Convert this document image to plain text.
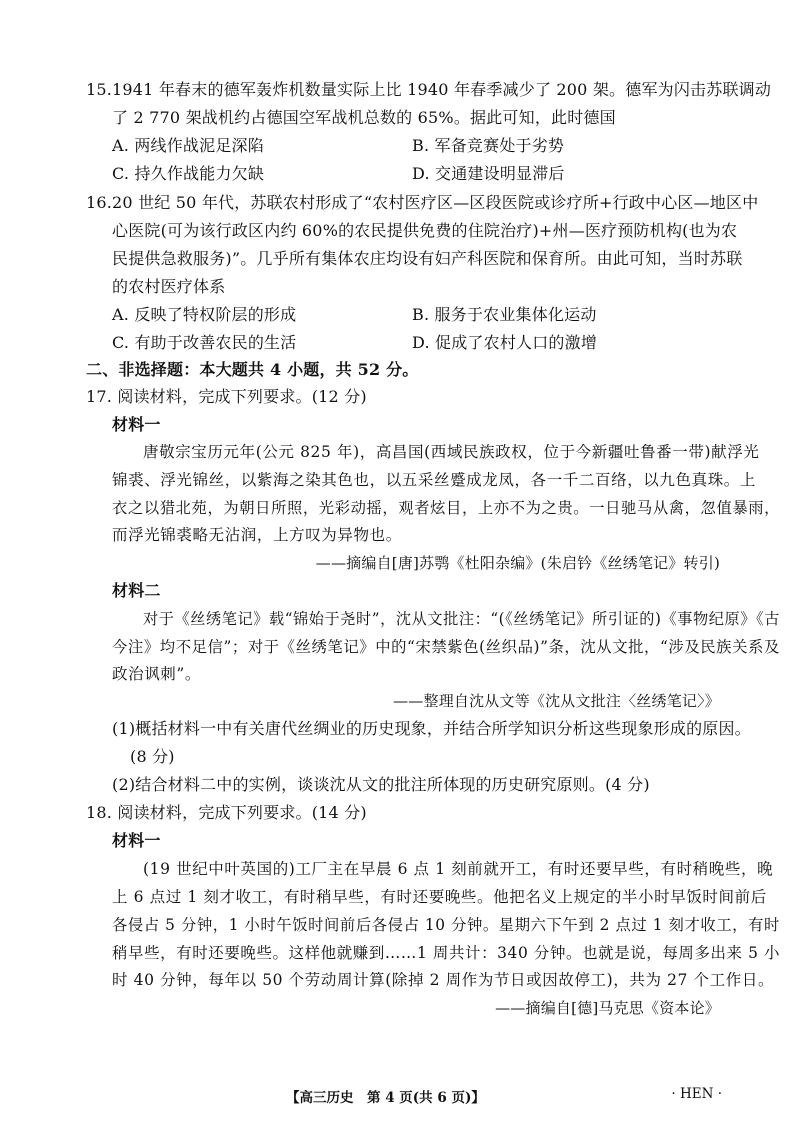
15.1941 年春末的德军轰炸机数量实际上比 1940 年春季减少了 200 架。德军为闪击苏联调动
了 2 770 架战机约占德国空军战机总数的 65%。据此可知，此时德国
A. 两线作战泥足深陷	B. 军备竞赛处于劣势
C. 持久作战能力欠缺	D. 交通建设明显滞后
16.20 世纪 50 年代，苏联农村形成了“农村医疗区—区段医院或诊疗所+行政中心区—地区中
心医院(可为该行政区内约 60%的农民提供免费的住院治疗)+州—医疗预防机构(也为农
民提供急救服务)”。几乎所有集体农庄均设有妇产科医院和保育所。由此可知，当时苏联
的农村医疗体系
A. 反映了特权阶层的形成	B. 服务于农业集体化运动
C. 有助于改善农民的生活	D. 促成了农村人口的激增
二、非选择题：本大题共 4 小题，共 52 分。
17. 阅读材料，完成下列要求。(12 分)
材料一
唐敬宗宝历元年(公元 825 年)，高昌国(西域民族政权，位于今新疆吐鲁番一带)献浮光
锦裘、浮光锦丝，以紫海之染其色也，以五采丝蹙成龙凤，各一千二百络，以九色真珠。上
衣之以猎北苑，为朝日所照，光彩动摇，观者炫目，上亦不为之贵。一日驰马从禽，忽值暴雨，
而浮光锦裘略无沾润，上方叹为异物也。
——摘编自[唐]苏鹗《杜阳杂编》(朱启钤《丝绣笔记》转引)
材料二
对于《丝绣笔记》载“锦始于尧时”，沈从文批注：“(《丝绣笔记》所引证的)《事物纪原》《古
今注》均不足信”；对于《丝绣笔记》中的“宋禁紫色(丝织品)”条，沈从文批，“涉及民族关系及
政治讽刺”。
——整理自沈从文等《沈从文批注〈丝绣笔记〉》
(1)概括材料一中有关唐代丝绸业的历史现象，并结合所学知识分析这些现象形成的原因。
(8 分)
(2)结合材料二中的实例，谈谈沈从文的批注所体现的历史研究原则。(4 分)
18. 阅读材料，完成下列要求。(14 分)
材料一
(19 世纪中叶英国的)工厂主在早晨 6 点 1 刻前就开工，有时还要早些，有时稍晚些，晚
上 6 点过 1 刻才收工，有时稍早些，有时还要晚些。他把名义上规定的半小时早饭时间前后
各侵占 5 分钟，1 小时午饭时间前后各侵占 10 分钟。星期六下午到 2 点过 1 刻才收工，有时
稍早些，有时还要晚些。这样他就赚到……1 周共计：340 分钟。也就是说，每周多出来 5 小
时 40 分钟，每年以 50 个劳动周计算(除掉 2 周作为节日或因故停工)，共为 27 个工作日。
——摘编自[德]马克思《资本论》
【高三历史　第 4 页(共 6 页)】	· HEN ·
